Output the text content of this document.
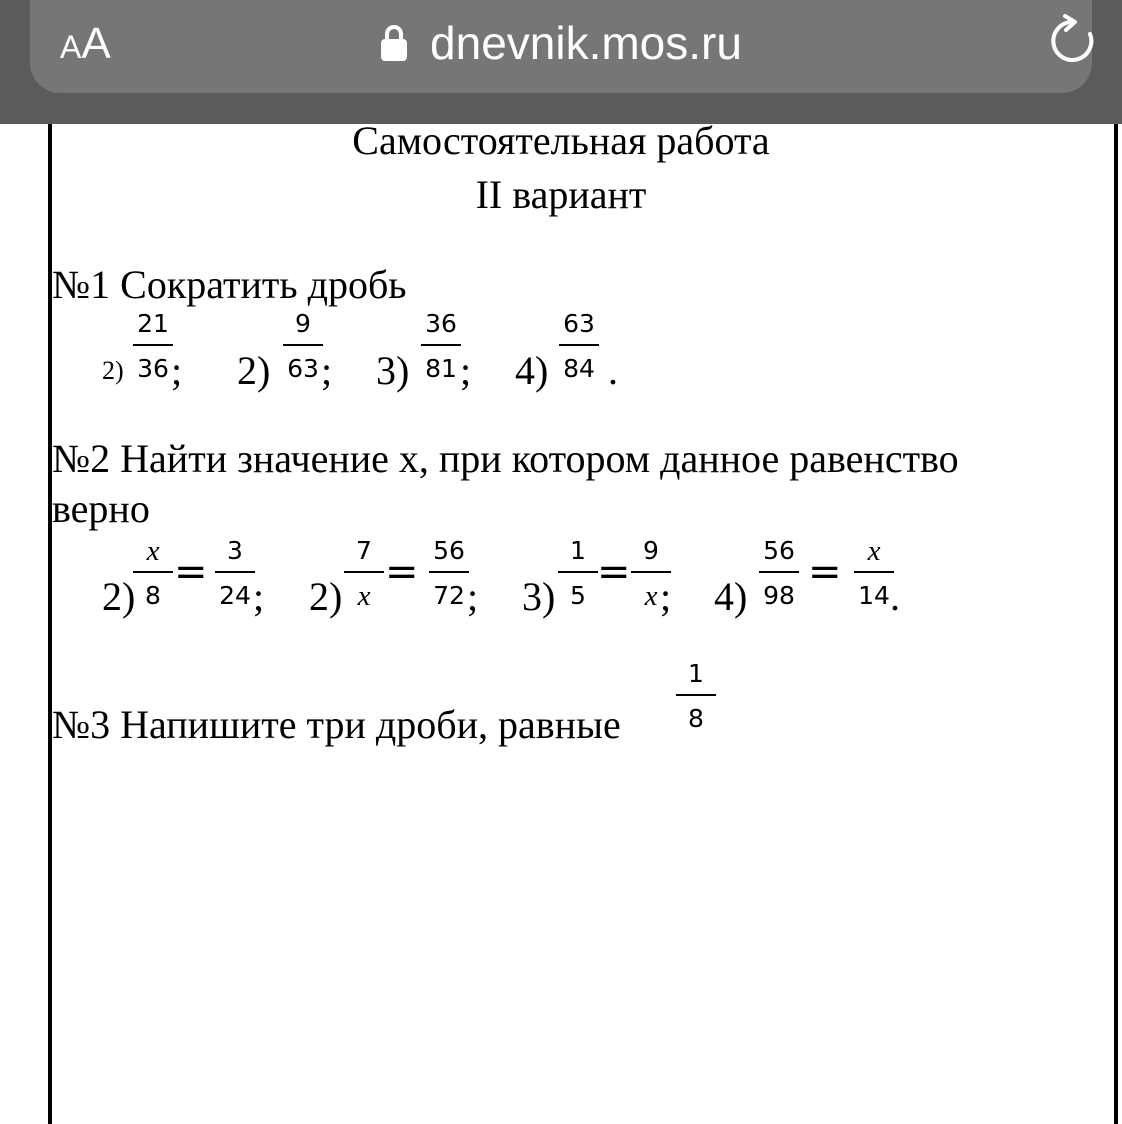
AA	dnevnik.mos.ru
Самостоятельная работа
II вариант
№1 Сократить дробь
2)
21
36 ; 2)
9
63 ; 3)
36
81 ; 4)
63
84 .
№2 Найти значение х, при котором данное равенство
верно
2)
x
8
= 3
24 ; 2)
7
x
= 56
72 ; 3)
1
5
= 9
x ; 4)
56
98
= x
14 .
№3 Напишите три дроби, равные
1
8
